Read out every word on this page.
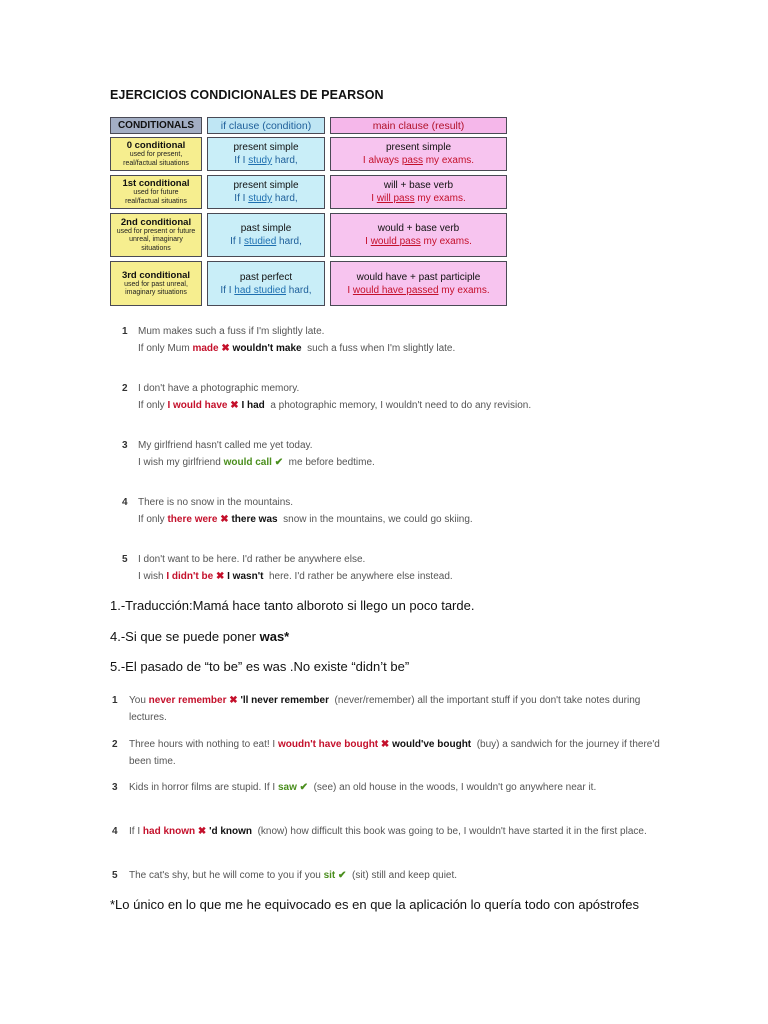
EJERCICIOS CONDICIONALES DE PEARSON
CONDITIONALS	if clause (condition)	main clause (result)
0 conditional
used for present,
real/factual situations
present simple
If I study hard,
present simple
I always pass my exams.
1st conditional
used for future
real/factual situatins
present simple
If I study hard,
will + base verb
I will pass my exams.
2nd conditional
used for present or future
unreal, imaginary
situations
past simple
If I studied hard,
would + base verb
I would pass my exams.
3rd conditional
used for past unreal,
imaginary situations
past perfect
If I had studied hard,
would have + past participle
I would have passed my exams.
1 Mum makes such a fuss if I'm slightly late.
If only Mum made ✖ wouldn't make such a fuss when I'm slightly late.
2 I don't have a photographic memory.
If only I would have ✖ I had a photographic memory, I wouldn't need to do any revision.
3 My girlfriend hasn't called me yet today.
I wish my girlfriend would call ✔ me before bedtime.
4 There is no snow in the mountains.
If only there were ✖ there was snow in the mountains, we could go skiing.
5 I don't want to be here. I'd rather be anywhere else.
I wish I didn't be ✖ I wasn't here. I'd rather be anywhere else instead.
1.-Traducción:Mamá hace tanto alboroto si llego un poco tarde.
4.-Si que se puede poner was*
5.-El pasado de “to be” es was .No existe “didn’t be”
1 You never remember ✖ 'll never remember (never/remember) all the important stuff if you don't take notes during lectures.
2 Three hours with nothing to eat! I woudn't have bought ✖ would've bought (buy) a sandwich for the journey if there'd been time.
3 Kids in horror films are stupid. If I saw ✔ (see) an old house in the woods, I wouldn't go anywhere near it.
4 If I had known ✖ 'd known (know) how difficult this book was going to be, I wouldn't have started it in the first place.
5 The cat's shy, but he will come to you if you sit ✔ (sit) still and keep quiet.
*Lo único en lo que me he equivocado es en que la aplicación lo quería todo con apóstrofes
